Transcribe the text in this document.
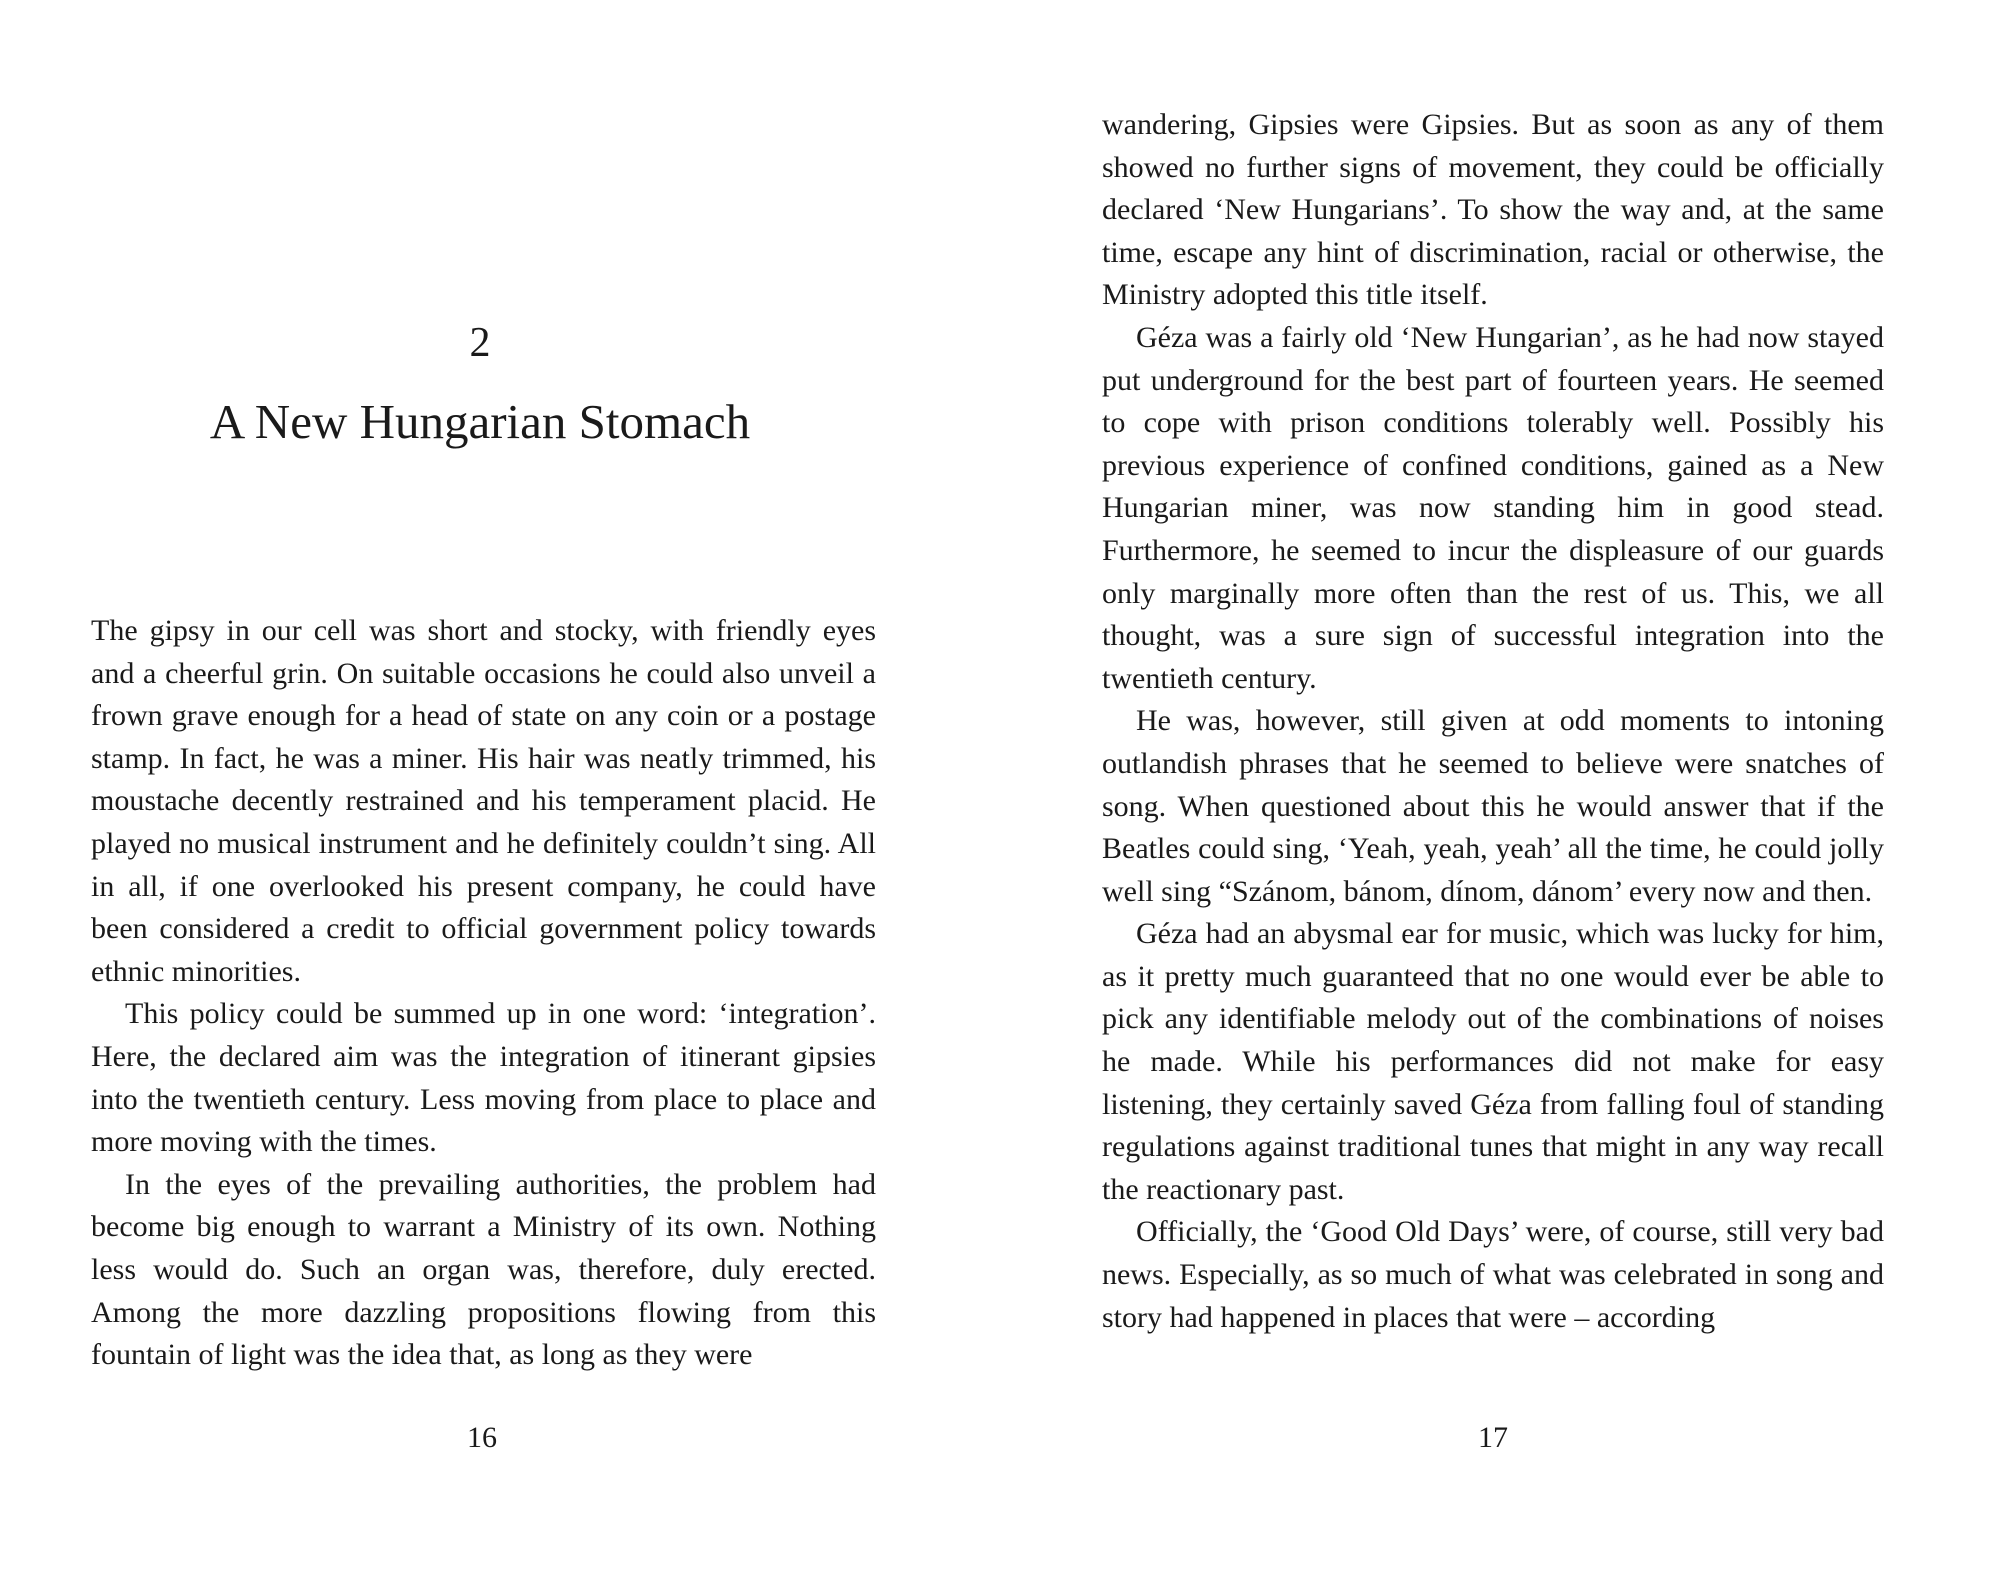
2
A New Hungarian Stomach

The gipsy in our cell was short and stocky, with friendly eyes and a cheerful grin. On suitable occasions he could also unveil a frown grave enough for a head of state on any coin or a postage stamp. In fact, he was a miner. His hair was neatly trimmed, his moustache decently restrained and his temperament placid. He played no musical instrument and he definitely couldn’t sing. All in all, if one overlooked his present company, he could have been considered a credit to official government policy towards ethnic minorities.

This policy could be summed up in one word: ‘integration’. Here, the declared aim was the integration of itinerant gipsies into the twentieth century. Less moving from place to place and more moving with the times.

In the eyes of the prevailing authorities, the problem had become big enough to warrant a Ministry of its own. Nothing less would do. Such an organ was, therefore, duly erected. Among the more dazzling propositions flowing from this fountain of light was the idea that, as long as they were

16

wandering, Gipsies were Gipsies. But as soon as any of them showed no further signs of movement, they could be officially declared ‘New Hungarians’. To show the way and, at the same time, escape any hint of discrimination, racial or otherwise, the Ministry adopted this title itself.

Géza was a fairly old ‘New Hungarian’, as he had now stayed put underground for the best part of fourteen years. He seemed to cope with prison conditions tolerably well. Possibly his previous experience of confined conditions, gained as a New Hungarian miner, was now standing him in good stead. Furthermore, he seemed to incur the displeasure of our guards only marginally more often than the rest of us. This, we all thought, was a sure sign of successful integration into the twentieth century.

He was, however, still given at odd moments to intoning outlandish phrases that he seemed to believe were snatches of song. When questioned about this he would answer that if the Beatles could sing, ‘Yeah, yeah, yeah’ all the time, he could jolly well sing “Szánom, bánom, dínom, dánom’ every now and then.

Géza had an abysmal ear for music, which was lucky for him, as it pretty much guaranteed that no one would ever be able to pick any identifiable melody out of the combinations of noises he made. While his performances did not make for easy listening, they certainly saved Géza from falling foul of standing regulations against traditional tunes that might in any way recall the reactionary past.

Officially, the ‘Good Old Days’ were, of course, still very bad news. Especially, as so much of what was celebrated in song and story had happened in places that were – according

17
